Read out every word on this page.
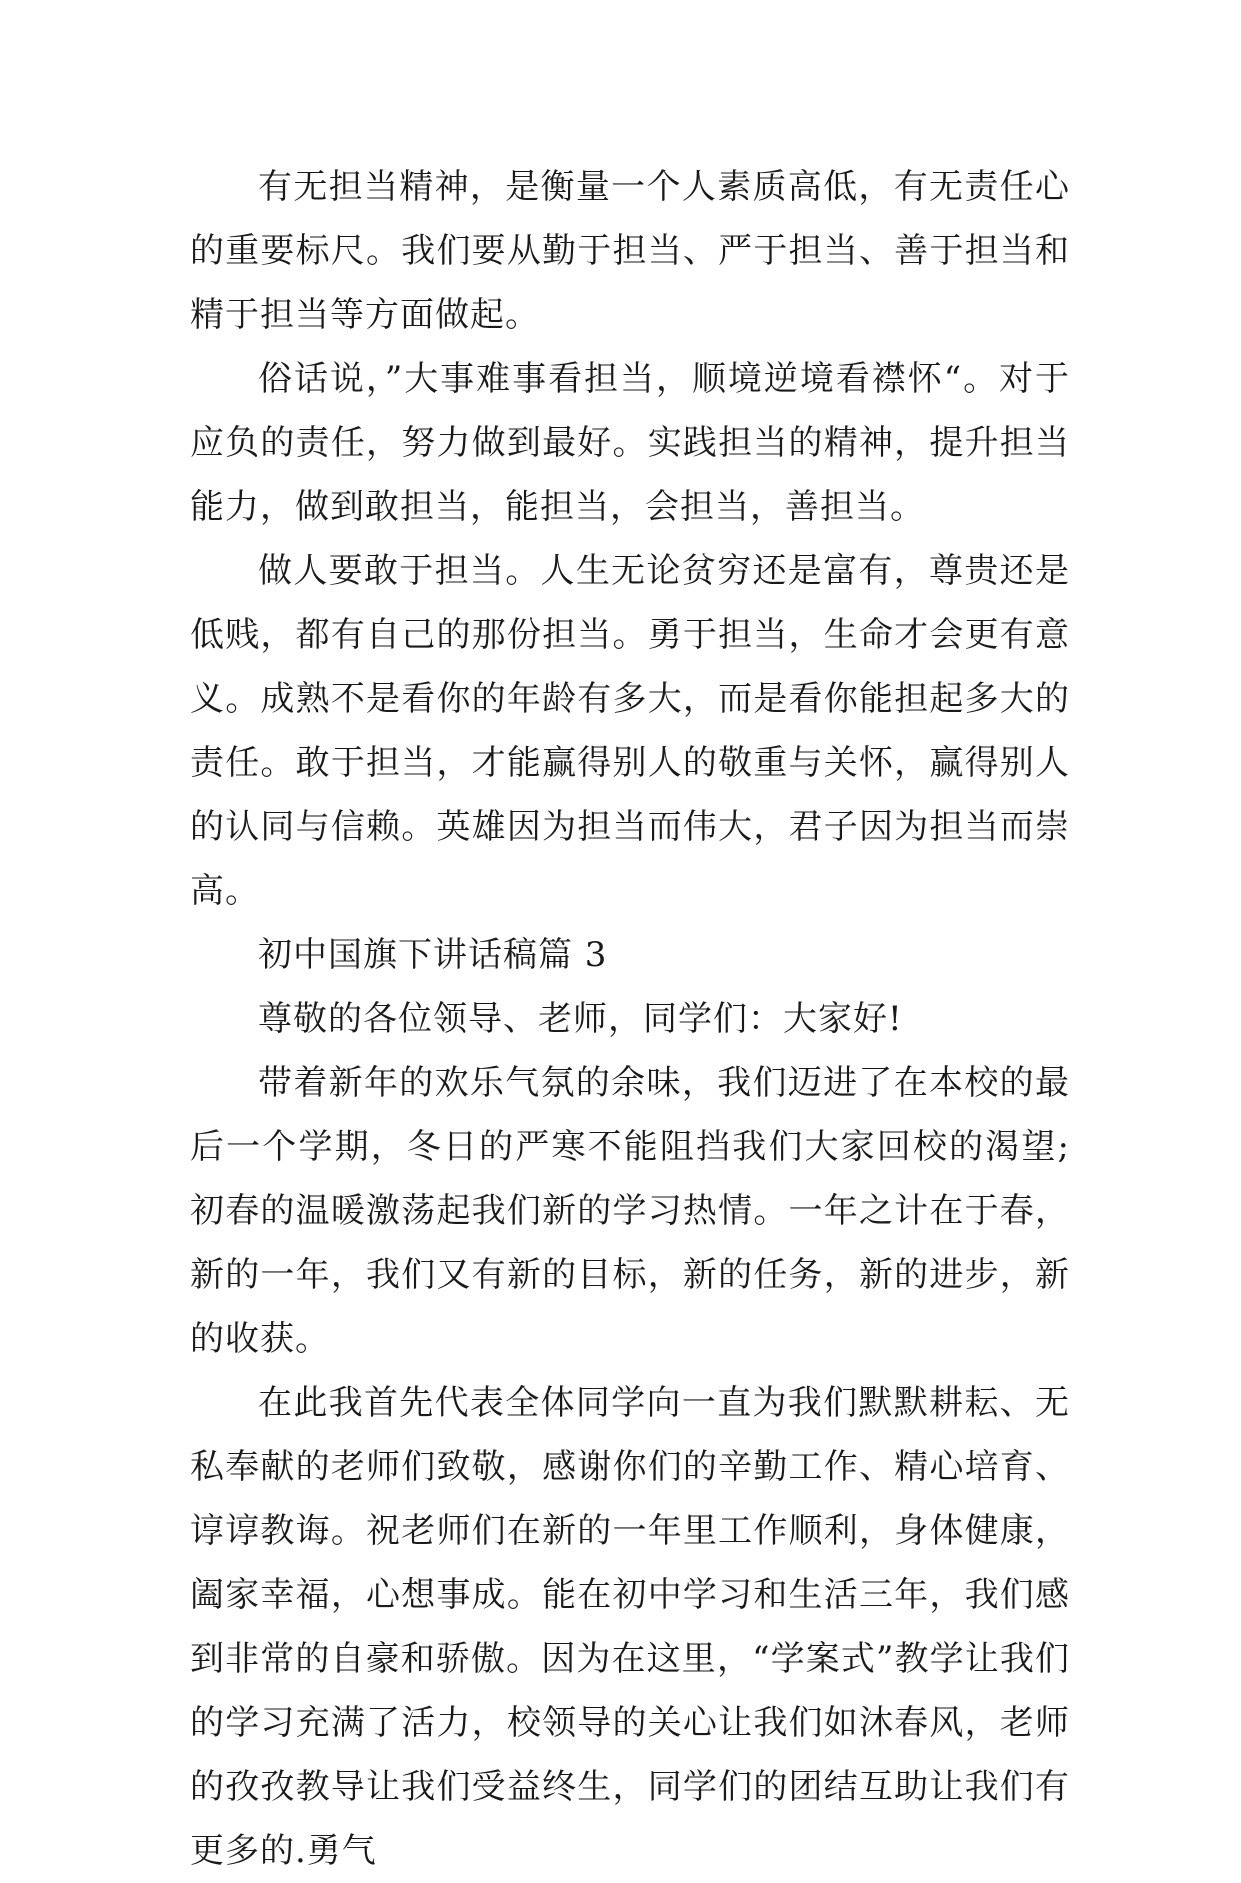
有无担当精神，是衡量一个人素质高低，有无责任心的重要标尺。我们要从勤于担当、严于担当、善于担当和精于担当等方面做起。

俗话说，”大事难事看担当，顺境逆境看襟怀“。对于应负的责任，努力做到最好。实践担当的精神，提升担当能力，做到敢担当，能担当，会担当，善担当。

做人要敢于担当。人生无论贫穷还是富有，尊贵还是低贱，都有自己的那份担当。勇于担当，生命才会更有意义。成熟不是看你的年龄有多大，而是看你能担起多大的责任。敢于担当，才能赢得别人的敬重与关怀，赢得别人的认同与信赖。英雄因为担当而伟大，君子因为担当而崇高。

初中国旗下讲话稿篇 3

尊敬的各位领导、老师，同学们：大家好!

带着新年的欢乐气氛的余味，我们迈进了在本校的最后一个学期，冬日的严寒不能阻挡我们大家回校的渴望;初春的温暖激荡起我们新的学习热情。一年之计在于春，新的一年，我们又有新的目标，新的任务，新的进步，新的收获。

在此我首先代表全体同学向一直为我们默默耕耘、无私奉献的老师们致敬，感谢你们的辛勤工作、精心培育、谆谆教诲。祝老师们在新的一年里工作顺利，身体健康，阖家幸福，心想事成。能在初中学习和生活三年，我们感到非常的自豪和骄傲。因为在这里，“学案式”教学让我们的学习充满了活力，校领导的关心让我们如沐春风，老师的孜孜教导让我们受益终生，同学们的团结互助让我们有更多的.勇气
